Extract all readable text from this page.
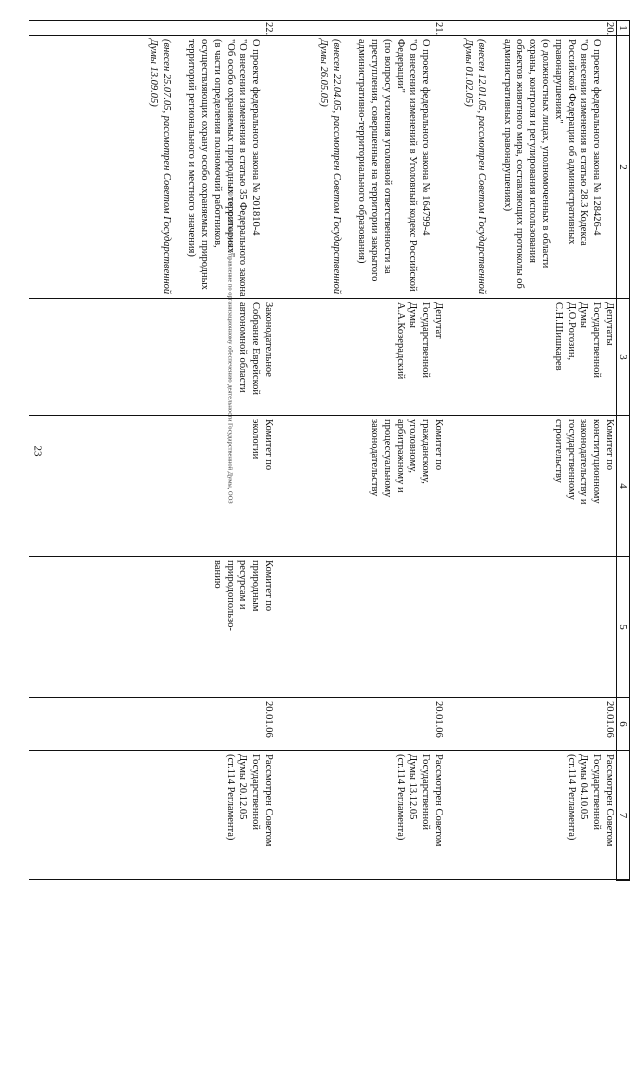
23	11.01.06 12:28 выпуск: Управление по организационному обеспечению деятельности Государственной Думы, ООЗ
1
2
3
4
5
6
7
20.

О проекте федерального закона № 128426-4
"О внесении изменения в статью 28.3 Кодекса Российской Федерации об административных правонарушениях"
(о должностных лицах, уполномоченных в области охраны, контроля и регулирования использования объектов животного мира, составляющих протоколы об административных правонарушениях)

(внесен 12.01.05, рассмотрен Советом Государственной Думы 01.02.05)

Депутаты
Государственной
Думы
Д.О.Рогозин,
С.Н.Шишкарев
Комитет по
конституционному
законодательству и
государственному
строительству
20.01.06
Рассмотрен Советом
Государственной
Думы 04.10.05
(ст.114 Регламента)
21.

О проекте федерального закона № 164799-4
"О внесении изменений в Уголовный кодекс Российской Федерации"
(по вопросу усиления уголовной ответственности за преступления, совершенные на территории закрытого административно-территориального образования)

(внесен 22.04.05, рассмотрен Советом Государственной Думы 26.05.05)

Депутат
Государственной
Думы
А.А.Козерадский
Комитет по
гражданскому,
уголовному,
арбитражному и
процессуальному
законодательству
20.01.06
Рассмотрен Советом
Государственной
Думы 13.12.05
(ст.114 Регламента)
22.

О проекте федерального закона № 201810-4
"О внесении изменения в статью 35 Федерального закона "Об особо охраняемых природных территориях"
(в части определения полномочий работников, осуществляющих охрану особо охраняемых природных территорий регионального и местного значения)

(внесен 25.07.05, рассмотрен Советом Государственной Думы 13.09.05)

Законодательное
Собрание Еврейской
автономной области
Комитет по
экологии
Комитет по
природным
ресурсам и
природопользо-
ванию
20.01.06
Рассмотрен Советом
Государственной
Думы 20.12.05
(ст.114 Регламента)
